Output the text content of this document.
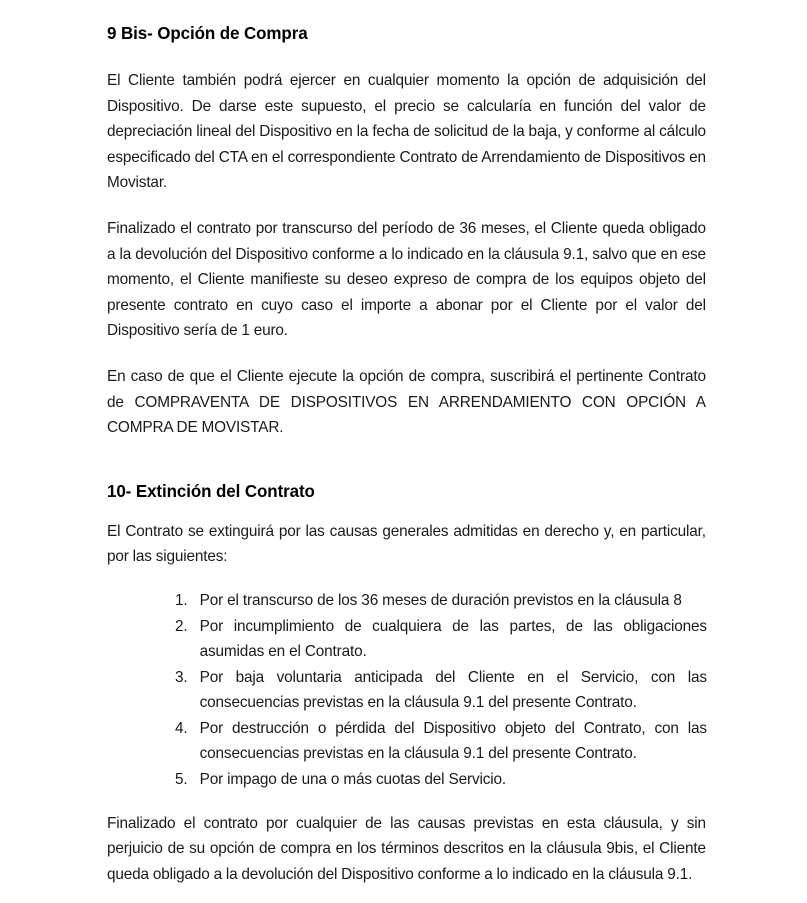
9 Bis- Opción de Compra

El Cliente también podrá ejercer en cualquier momento la opción de adquisición del Dispositivo. De darse este supuesto, el precio se calcularía en función del valor de depreciación lineal del Dispositivo en la fecha de solicitud de la baja, y conforme al cálculo especificado del CTA en el correspondiente Contrato de Arrendamiento de Dispositivos en Movistar.

Finalizado el contrato por transcurso del período de 36 meses, el Cliente queda obligado a la devolución del Dispositivo conforme a lo indicado en la cláusula 9.1, salvo que en ese momento, el Cliente manifieste su deseo expreso de compra de los equipos objeto del presente contrato en cuyo caso el importe a abonar por el Cliente por el valor del Dispositivo sería de 1 euro.

En caso de que el Cliente ejecute la opción de compra, suscribirá el pertinente Contrato de COMPRAVENTA DE DISPOSITIVOS EN ARRENDAMIENTO CON OPCIÓN A COMPRA DE MOVISTAR.

10- Extinción del Contrato

El Contrato se extinguirá por las causas generales admitidas en derecho y, en particular, por las siguientes:

Por el transcurso de los 36 meses de duración previstos en la cláusula 8
Por incumplimiento de cualquiera de las partes, de las obligaciones asumidas en el Contrato.
Por baja voluntaria anticipada del Cliente en el Servicio, con las consecuencias previstas en la cláusula 9.1 del presente Contrato.
Por destrucción o pérdida del Dispositivo objeto del Contrato, con las consecuencias previstas en la cláusula 9.1 del presente Contrato.
Por impago de una o más cuotas del Servicio.

Finalizado el contrato por cualquier de las causas previstas en esta cláusula, y sin perjuicio de su opción de compra en los términos descritos en la cláusula 9bis, el Cliente queda obligado a la devolución del Dispositivo conforme a lo indicado en la cláusula 9.1.
